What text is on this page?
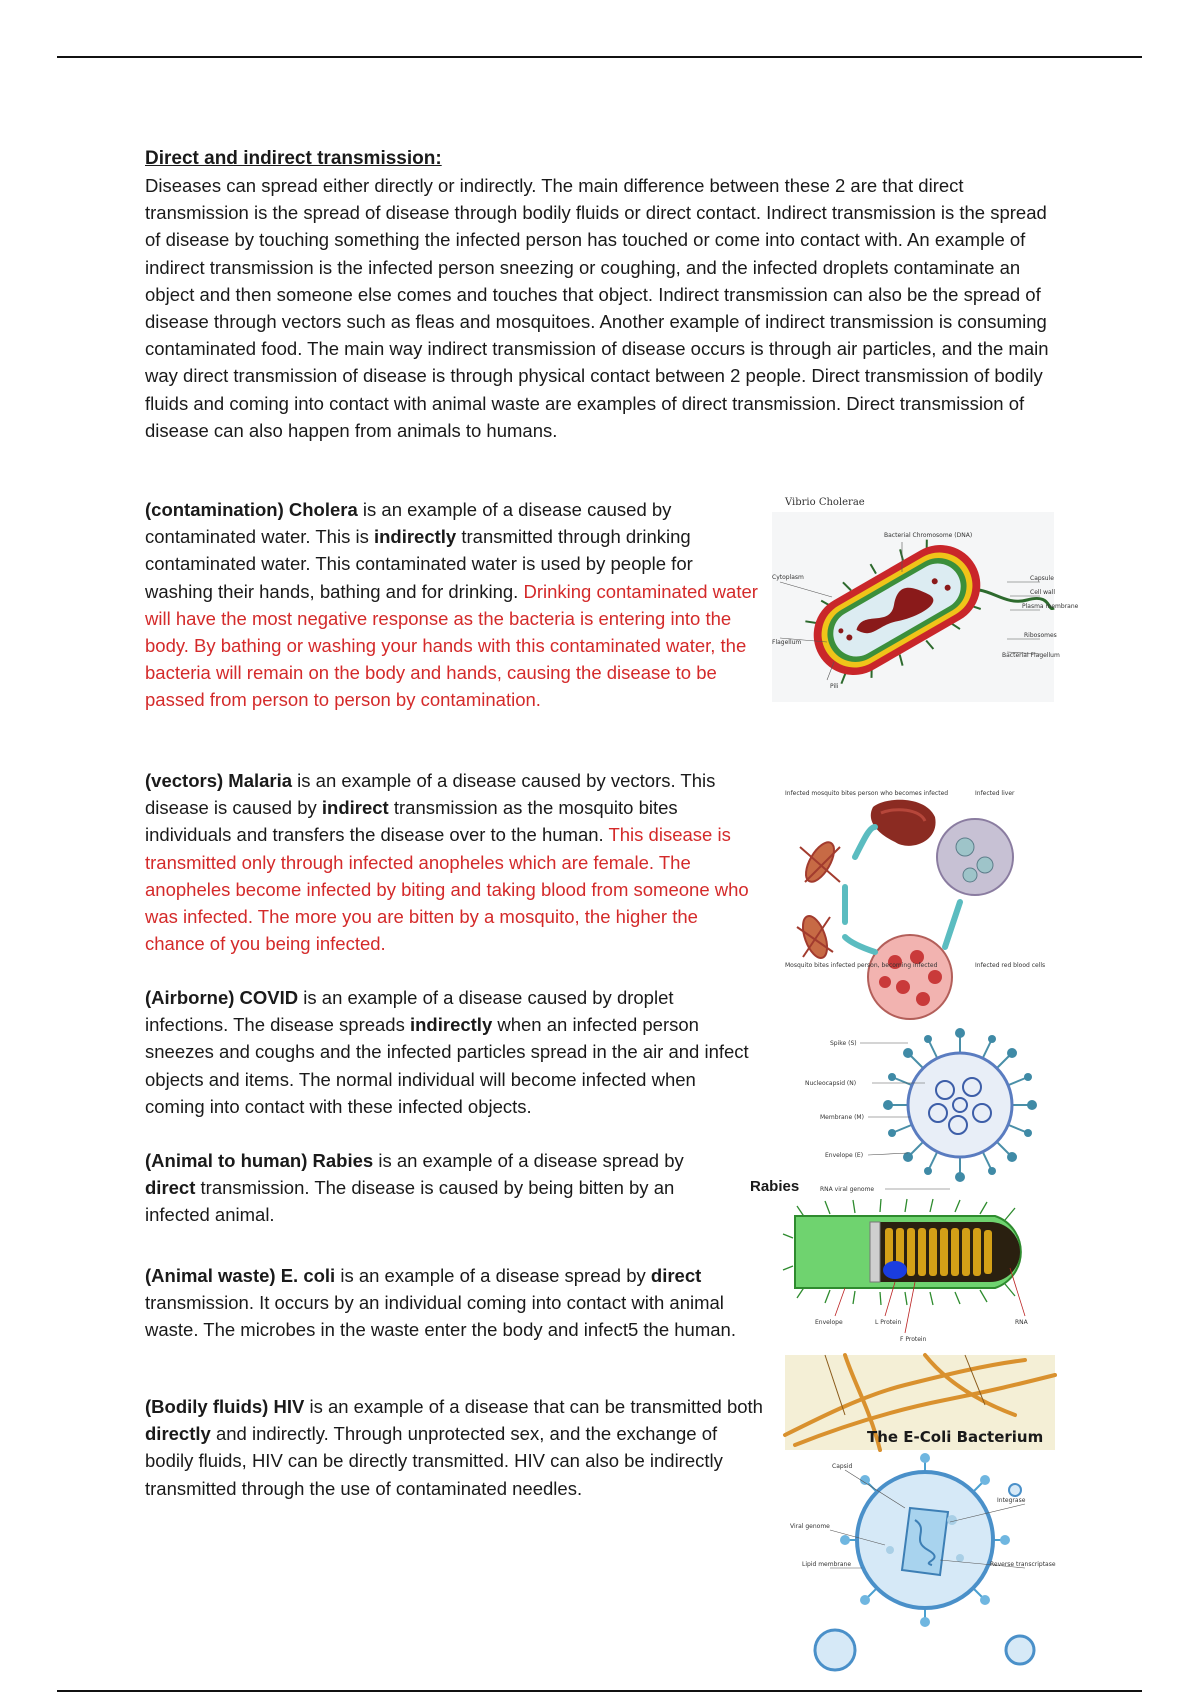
Direct and indirect transmission:

Diseases can spread either directly or indirectly. The main difference between these 2 are that direct transmission is the spread of disease through bodily fluids or direct contact. Indirect transmission is the spread of disease by touching something the infected person has touched or come into contact with. An example of indirect transmission is the infected person sneezing or coughing, and the infected droplets contaminate an object and then someone else comes and touches that object. Indirect transmission can also be the spread of disease through vectors such as fleas and mosquitoes. Another example of indirect transmission is consuming contaminated food. The main way indirect transmission of disease occurs is through air particles, and the main way direct transmission of disease is through physical contact between 2 people. Direct transmission of bodily fluids and coming into contact with animal waste are examples of direct transmission. Direct transmission of disease can also happen from animals to humans.

(contamination) Cholera is an example of a disease caused by contaminated water. This is indirectly transmitted through drinking contaminated water. This contaminated water is used by people for washing their hands, bathing and for drinking. Drinking contaminated water will have the most negative response as the bacteria is entering into the body. By bathing or washing your hands with this contaminated water, the bacteria will remain on the body and hands, causing the disease to be passed from person to person by contamination.

(vectors) Malaria is an example of a disease caused by vectors. This disease is caused by indirect transmission as the mosquito bites individuals and transfers the disease over to the human. This disease is transmitted only through infected anopheles which are female. The anopheles become infected by biting and taking blood from someone who was infected. The more you are bitten by a mosquito, the higher the chance of you being infected.

(Airborne) COVID is an example of a disease caused by droplet infections. The disease spreads indirectly when an infected person sneezes and coughs and the infected particles spread in the air and infect objects and items. The normal individual will become infected when coming into contact with these infected objects.

(Animal to human) Rabies is an example of a disease spread by direct transmission. The disease is caused by being bitten by an infected animal.

(Animal waste) E. coli is an example of a disease spread by direct transmission. It occurs by an individual coming into contact with animal waste. The microbes in the waste enter the body and infect5 the human.

(Bodily fluids) HIV is an example of a disease that can be transmitted both directly and indirectly. Through unprotected sex, and the exchange of bodily fluids, HIV can be directly transmitted. HIV can also be indirectly transmitted through the use of contaminated needles.

Vibrio Cholerae
Bacterial Chromosome (DNA)
Cytoplasm
Flagellum
Pili
Capsule
Cell wall
Plasma membrane
Ribosomes
Bacterial Flagellum
Infected mosquito bites person who becomes infected	Infected liver
Mosquito bites infected person, becoming infected	Infected red blood cells
Spike (S)
Nucleocapsid (N)
Membrane (M)
Envelope (E)
RNA viral genome
Rabies
Envelope	L Protein
F Protein
RNA
The E-Coli Bacterium
Capsid
Integrase
Viral genome
Lipid membrane	Reverse transcriptase
